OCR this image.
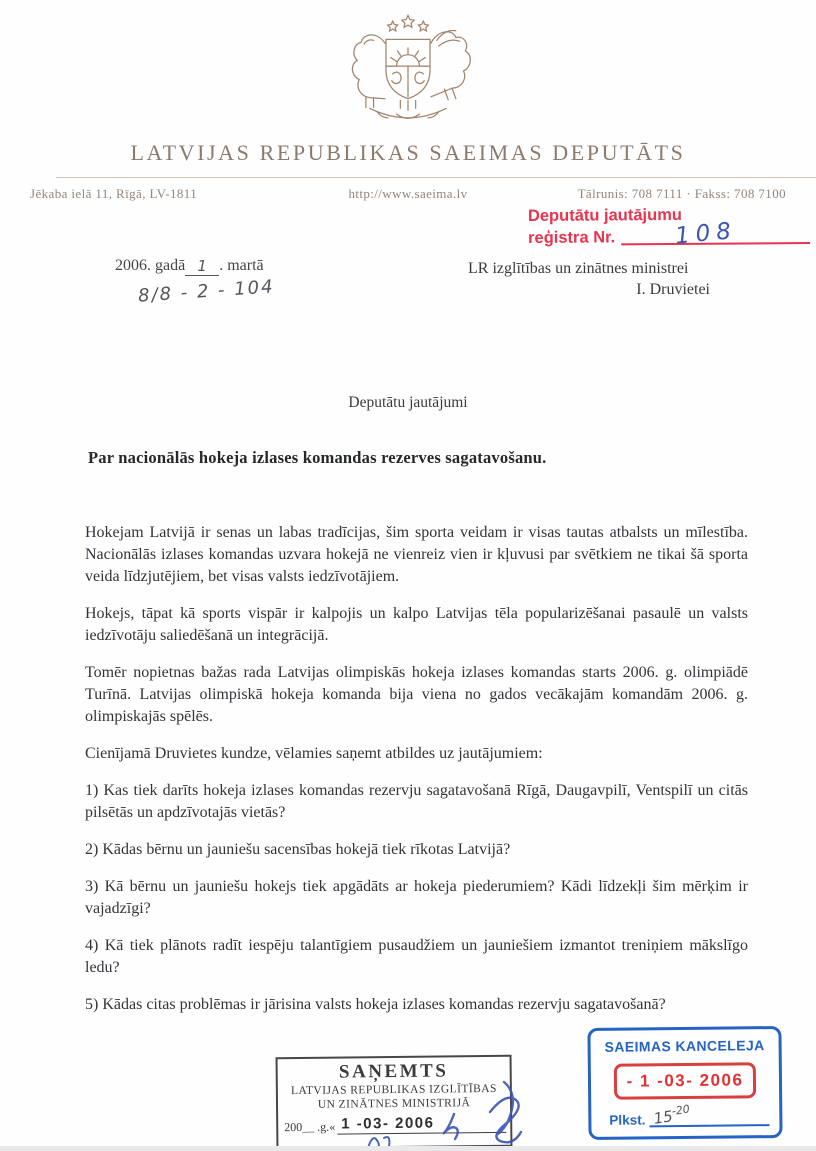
LATVIJAS REPUBLIKAS SAEIMAS DEPUTĀTS
Jēkaba ielā 11, Rīgā, LV-1811	http://www.saeima.lv	Tālrunis: 708 7111 · Fakss: 708 7100
Deputātu jautājumu
reģistra Nr.	108
2006. gadā 1 . martā
8/8 - 2 - 104
LR izglītības un zinātnes ministrei
I. Druvietei
Deputātu jautājumi
Par nacionālās hokeja izlases komandas rezerves sagatavošanu.

Hokejam Latvijā ir senas un labas tradīcijas, šim sporta veidam ir visas tautas atbalsts un mīlestība. Nacionālās izlases komandas uzvara hokejā ne vienreiz vien ir kļuvusi par svētkiem ne tikai šā sporta veida līdzjutējiem, bet visas valsts iedzīvotājiem.

Hokejs, tāpat kā sports vispār ir kalpojis un kalpo Latvijas tēla popularizēšanai pasaulē un valsts iedzīvotāju saliedēšanā un integrācijā.

Tomēr nopietnas bažas rada Latvijas olimpiskās hokeja izlases komandas starts 2006. g. olimpiādē Turīnā. Latvijas olimpiskā hokeja komanda bija viena no gados vecākajām komandām 2006. g. olimpiskajās spēlēs.

Cienījamā Druvietes kundze, vēlamies saņemt atbildes uz jautājumiem:

1) Kas tiek darīts hokeja izlases komandas rezervju sagatavošanā Rīgā, Daugavpilī, Ventspilī un citās pilsētās un apdzīvotajās vietās?

2) Kādas bērnu un jauniešu sacensības hokejā tiek rīkotas Latvijā?

3) Kā bērnu un jauniešu hokejs tiek apgādāts ar hokeja piederumiem? Kādi līdzekļi šim mērķim ir vajadzīgi?

4) Kā tiek plānots radīt iespēju talantīgiem pusaudžiem un jauniešiem izmantot treniņiem mākslīgo ledu?

5) Kādas citas problēmas ir jārisina valsts hokeja izlases komandas rezervju sagatavošanā?

SAŅEMTS
LATVIJAS REPUBLIKAS IZGLĪTĪBAS
UN ZINĀTNES MINISTRIJĀ
200__ .g.« 1 -03- 2006
SAEIMAS KANCELEJA
- 1 -03- 2006
Plkst. $15^{-20}$
